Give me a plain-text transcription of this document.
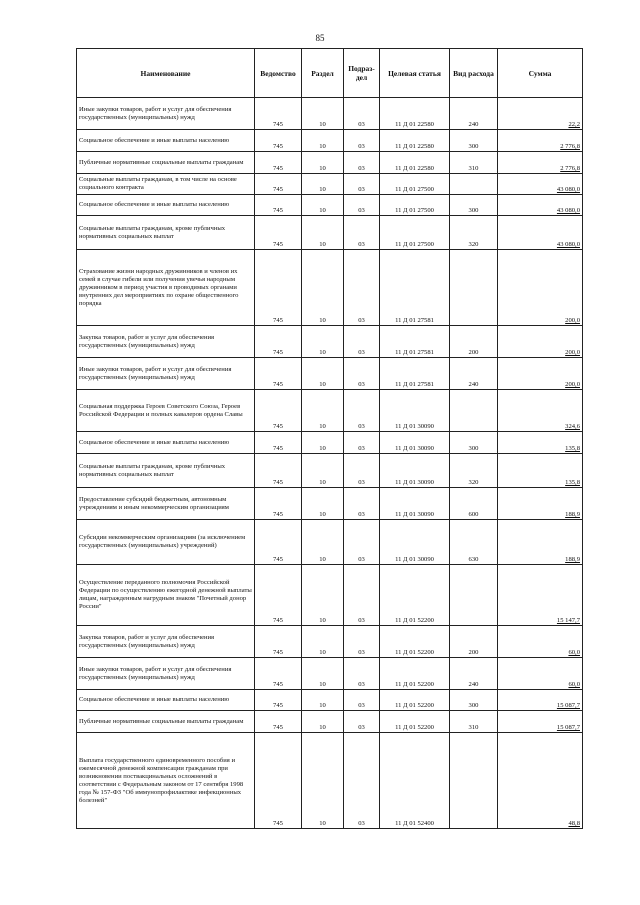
85
Наименование	Ведомство	Раздел	Подраз-дел	Целевая статья	Вид расхода	Сумма
Иные закупки товаров, работ и услуг для обеспечения государственных (муниципальных) нужд	745	10	03	11 Д 01 22580	240	22,2
Социальное обеспечение и иные выплаты населению	745	10	03	11 Д 01 22580	300	2 776,8
Публичные нормативные социальные выплаты гражданам	745	10	03	11 Д 01 22580	310	2 776,8
Социальные выплаты гражданам, в том числе на основе социального контракта	745	10	03	11 Д 01 27500		43 080,0
Социальное обеспечение и иные выплаты населению	745	10	03	11 Д 01 27500	300	43 080,0
Социальные выплаты гражданам, кроме публичных нормативных социальных выплат	745	10	03	11 Д 01 27500	320	43 080,0
Страхование жизни народных дружинников и членов их семей в случае гибели или получения увечья народным дружинником в период участия в проводимых органами внутренних дел мероприятиях по охране общественного порядка	745	10	03	11 Д 01 27581		200,0
Закупка товаров, работ и услуг для обеспечения государственных (муниципальных) нужд	745	10	03	11 Д 01 27581	200	200,0
Иные закупки товаров, работ и услуг для обеспечения государственных (муниципальных) нужд	745	10	03	11 Д 01 27581	240	200,0
Социальная поддержка Героев Советского Союза, Героев Российской Федерации и полных кавалеров ордена Славы	745	10	03	11 Д 01 30090		324,6
Социальное обеспечение и иные выплаты населению	745	10	03	11 Д 01 30090	300	135,8
Социальные выплаты гражданам, кроме публичных нормативных социальных выплат	745	10	03	11 Д 01 30090	320	135,8
Предоставление субсидий бюджетным, автономным учреждениям и иным некоммерческим организациям	745	10	03	11 Д 01 30090	600	188,9
Субсидии некоммерческим организациям (за исключением государственных (муниципальных) учреждений)	745	10	03	11 Д 01 30090	630	188,9
Осуществление переданного полномочия Российской Федерации по осуществлению ежегодной денежной выплаты лицам, награжденным нагрудным знаком "Почетный донор России"	745	10	03	11 Д 01 52200		15 147,7
Закупка товаров, работ и услуг для обеспечения государственных (муниципальных) нужд	745	10	03	11 Д 01 52200	200	60,0
Иные закупки товаров, работ и услуг для обеспечения государственных (муниципальных) нужд	745	10	03	11 Д 01 52200	240	60,0
Социальное обеспечение и иные выплаты населению	745	10	03	11 Д 01 52200	300	15 087,7
Публичные нормативные социальные выплаты гражданам	745	10	03	11 Д 01 52200	310	15 087,7
Выплата государственного единовременного пособия и ежемесячной денежной компенсации гражданам при возникновении поствакцинальных осложнений в соответствии с Федеральным законом от 17 сентября 1998 года № 157-ФЗ "Об иммунопрофилактике инфекционных болезней"	745	10	03	11 Д 01 52400		48,8
